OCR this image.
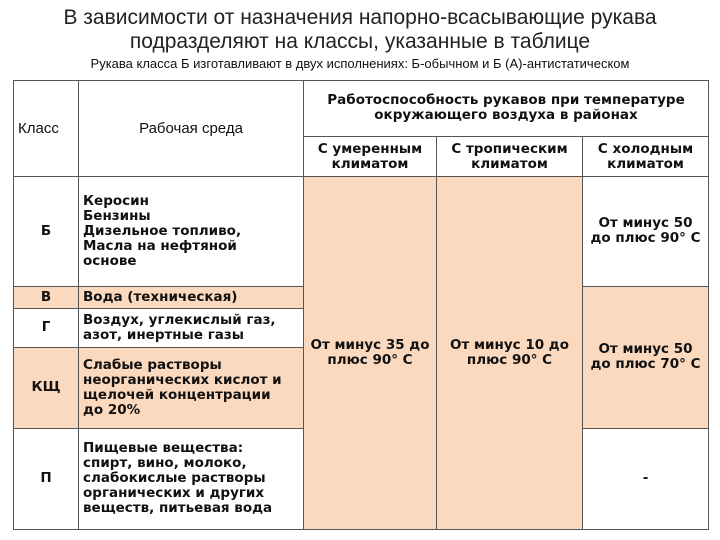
В зависимости от назначения напорно-всасывающие рукава
подразделяют на классы, указанные в таблице
Рукава класса Б изготавливают в двух исполнениях: Б-обычном и Б (А)-антистатическом
Класс	Рабочая среда	Работоспособность рукавов при температуре окружающего воздуха в районах		
		С умеренным климатом	С тропическим климатом	С холодным климатом
Б	Керосин
Бензины
Дизельное топливо,
Масла на нефтяной
основе	От минус 35 до плюс 90° С	От минус 10 до плюс 90° С	От минус 50 до плюс 90° С
В	Вода (техническая)			От минус 50 до плюс 70° С
Г	Воздух, углекислый газ,
азот, инертные газы			

КЩ	Слабые растворы
неорганических кислот и
щелочей концентрации
до 20%			

П	Пищевые вещества:
спирт, вино, молоко,
слабокислые растворы
органических и других
веществ, питьевая вода			-
